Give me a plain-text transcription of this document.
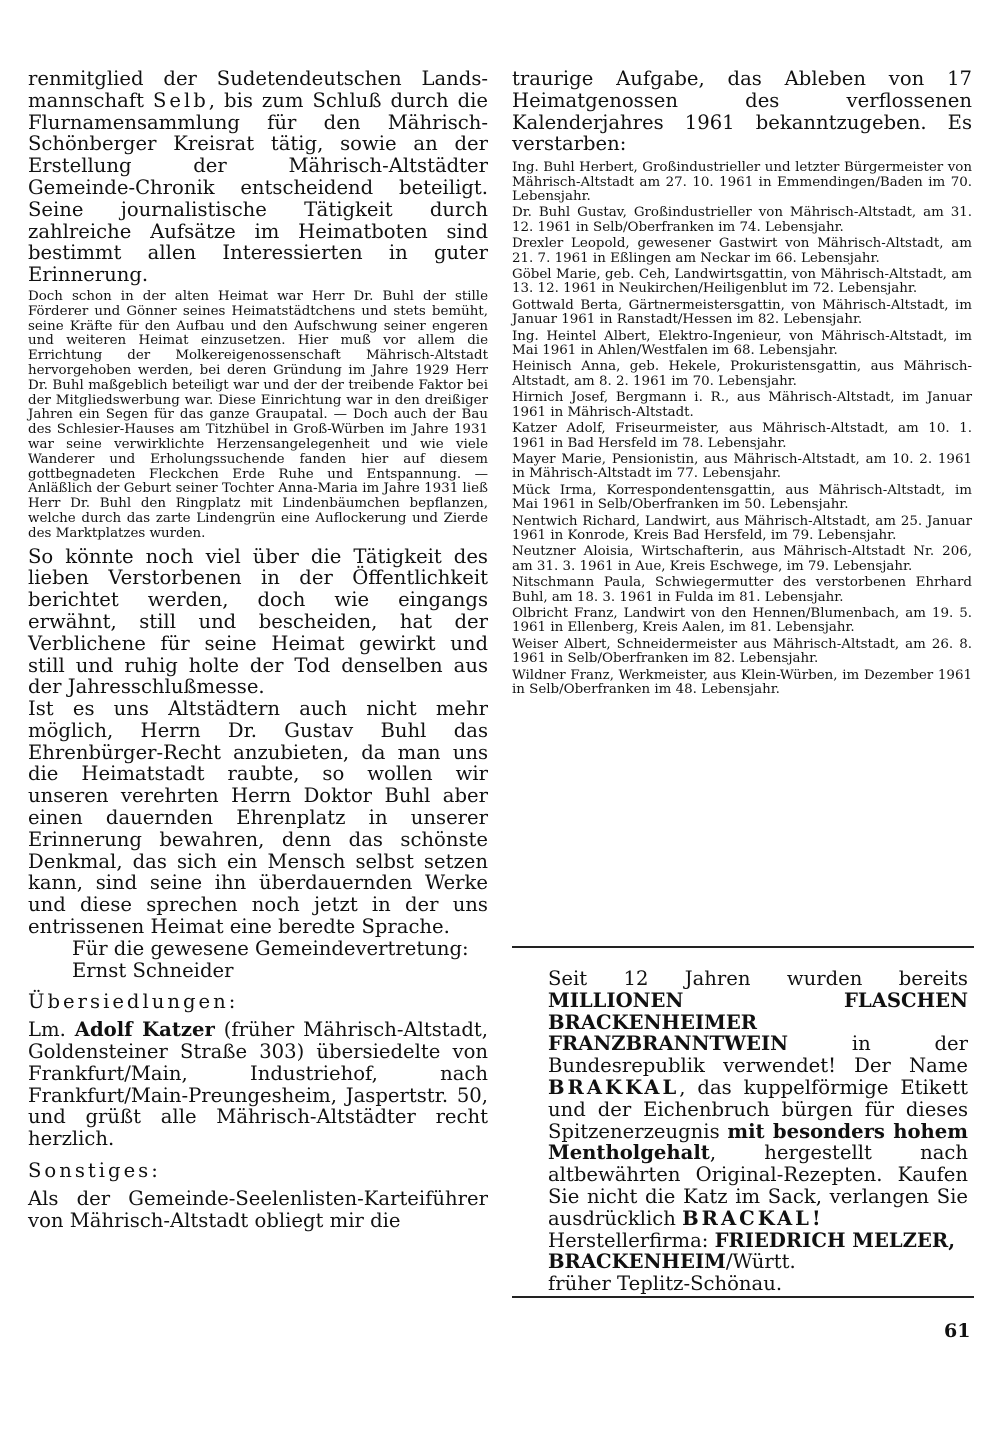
renmitglied der Sudetendeutschen Lands-mannschaft Selb, bis zum Schluß durch die Flurnamensammlung für den Mährisch-Schönberger Kreisrat tätig, sowie an der Erstellung der Mährisch-Altstädter Gemeinde-Chronik entscheidend beteiligt. Seine journalistische Tätigkeit durch zahlreiche Aufsätze im Heimatboten sind bestimmt allen Interessierten in guter Erinnerung.

Doch schon in der alten Heimat war Herr Dr. Buhl der stille Förderer und Gönner seines Heimatstädtchens und stets bemüht, seine Kräfte für den Aufbau und den Aufschwung seiner engeren und weiteren Heimat einzusetzen. Hier muß vor allem die Errichtung der Molkereigenossenschaft Mährisch-Altstadt hervorgehoben werden, bei deren Gründung im Jahre 1929 Herr Dr. Buhl maßgeblich beteiligt war und der der treibende Faktor bei der Mitgliedswerbung war. Diese Einrichtung war in den dreißiger Jahren ein Segen für das ganze Graupatal. — Doch auch der Bau des Schlesier-Hauses am Titzhübel in Groß-Würben im Jahre 1931 war seine verwirklichte Herzensangelegenheit und wie viele Wanderer und Erholungssuchende fanden hier auf diesem gottbegnadeten Fleckchen Erde Ruhe und Entspannung. — Anläßlich der Geburt seiner Tochter Anna-Maria im Jahre 1931 ließ Herr Dr. Buhl den Ringplatz mit Lindenbäumchen bepflanzen, welche durch das zarte Lindengrün eine Auflockerung und Zierde des Marktplatzes wurden.

So könnte noch viel über die Tätigkeit des lieben Verstorbenen in der Öffentlichkeit berichtet werden, doch wie eingangs erwähnt, still und bescheiden, hat der Verblichene für seine Heimat gewirkt und still und ruhig holte der Tod denselben aus der Jahresschlußmesse.

Ist es uns Altstädtern auch nicht mehr möglich, Herrn Dr. Gustav Buhl das Ehrenbürger-Recht anzubieten, da man uns die Heimatstadt raubte, so wollen wir unseren verehrten Herrn Doktor Buhl aber einen dauernden Ehrenplatz in unserer Erinnerung bewahren, denn das schönste Denkmal, das sich ein Mensch selbst setzen kann, sind seine ihn überdauernden Werke und diese sprechen noch jetzt in der uns entrissenen Heimat eine beredte Sprache.

Für die gewesene Gemeindevertretung:

Ernst Schneider

Übersiedlungen:

Lm. Adolf Katzer (früher Mährisch-Altstadt, Goldensteiner Straße 303) übersiedelte von Frankfurt/Main, Industriehof, nach Frankfurt/Main-Preungesheim, Jaspertstr. 50, und grüßt alle Mährisch-Altstädter recht herzlich.

Sonstiges:

Als der Gemeinde-Seelenlisten-Karteiführer von Mährisch-Altstadt obliegt mir die

traurige Aufgabe, das Ableben von 17 Heimatgenossen des verflossenen Kalenderjahres 1961 bekanntzugeben. Es verstarben:

Ing. Buhl Herbert, Großindustrieller und letzter Bürgermeister von Mährisch-Altstadt am 27. 10. 1961 in Emmendingen/Baden im 70. Lebensjahr.
Dr. Buhl Gustav, Großindustrieller von Mährisch-Altstadt, am 31. 12. 1961 in Selb/Oberfranken im 74. Lebensjahr.
Drexler Leopold, gewesener Gastwirt von Mährisch-Altstadt, am 21. 7. 1961 in Eßlingen am Neckar im 66. Lebensjahr.
Göbel Marie, geb. Ceh, Landwirtsgattin, von Mährisch-Altstadt, am 13. 12. 1961 in Neukirchen/Heiligenblut im 72. Lebensjahr.
Gottwald Berta, Gärtnermeistersgattin, von Mährisch-Altstadt, im Januar 1961 in Ranstadt/Hessen im 82. Lebensjahr.
Ing. Heintel Albert, Elektro-Ingenieur, von Mährisch-Altstadt, im Mai 1961 in Ahlen/Westfalen im 68. Lebensjahr.
Heinisch Anna, geb. Hekele, Prokuristensgattin, aus Mährisch-Altstadt, am 8. 2. 1961 im 70. Lebensjahr.
Hirnich Josef, Bergmann i. R., aus Mährisch-Altstadt, im Januar 1961 in Mährisch-Altstadt.
Katzer Adolf, Friseurmeister, aus Mährisch-Altstadt, am 10. 1. 1961 in Bad Hersfeld im 78. Lebensjahr.
Mayer Marie, Pensionistin, aus Mährisch-Altstadt, am 10. 2. 1961 in Mährisch-Altstadt im 77. Lebensjahr.
Mück Irma, Korrespondentensgattin, aus Mährisch-Altstadt, im Mai 1961 in Selb/Oberfranken im 50. Lebensjahr.
Nentwich Richard, Landwirt, aus Mährisch-Altstadt, am 25. Januar 1961 in Konrode, Kreis Bad Hersfeld, im 79. Lebensjahr.
Neutzner Aloisia, Wirtschafterin, aus Mährisch-Altstadt Nr. 206, am 31. 3. 1961 in Aue, Kreis Eschwege, im 79. Lebensjahr.
Nitschmann Paula, Schwiegermutter des verstorbenen Ehrhard Buhl, am 18. 3. 1961 in Fulda im 81. Lebensjahr.
Olbricht Franz, Landwirt von den Hennen/Blumenbach, am 19. 5. 1961 in Ellenberg, Kreis Aalen, im 81. Lebensjahr.
Weiser Albert, Schneidermeister aus Mährisch-Altstadt, am 26. 8. 1961 in Selb/Oberfranken im 82. Lebensjahr.
Wildner Franz, Werkmeister, aus Klein-Würben, im Dezember 1961 in Selb/Oberfranken im 48. Lebensjahr.

Seit 12 Jahren wurden bereits MILLIONEN FLASCHEN BRACKENHEIMER FRANZBRANNTWEIN in der Bundesrepublik verwendet! Der Name BRAKKAL, das kuppelförmige Etikett und der Eichenbruch bürgen für dieses Spitzenerzeugnis mit besonders hohem Mentholgehalt, hergestellt nach altbewährten Original-Rezepten. Kaufen Sie nicht die Katz im Sack, verlangen Sie ausdrücklich BRACKAL!

Herstellerfirma: FRIEDRICH MELZER, BRACKENHEIM/Württ.

früher Teplitz-Schönau.

61
